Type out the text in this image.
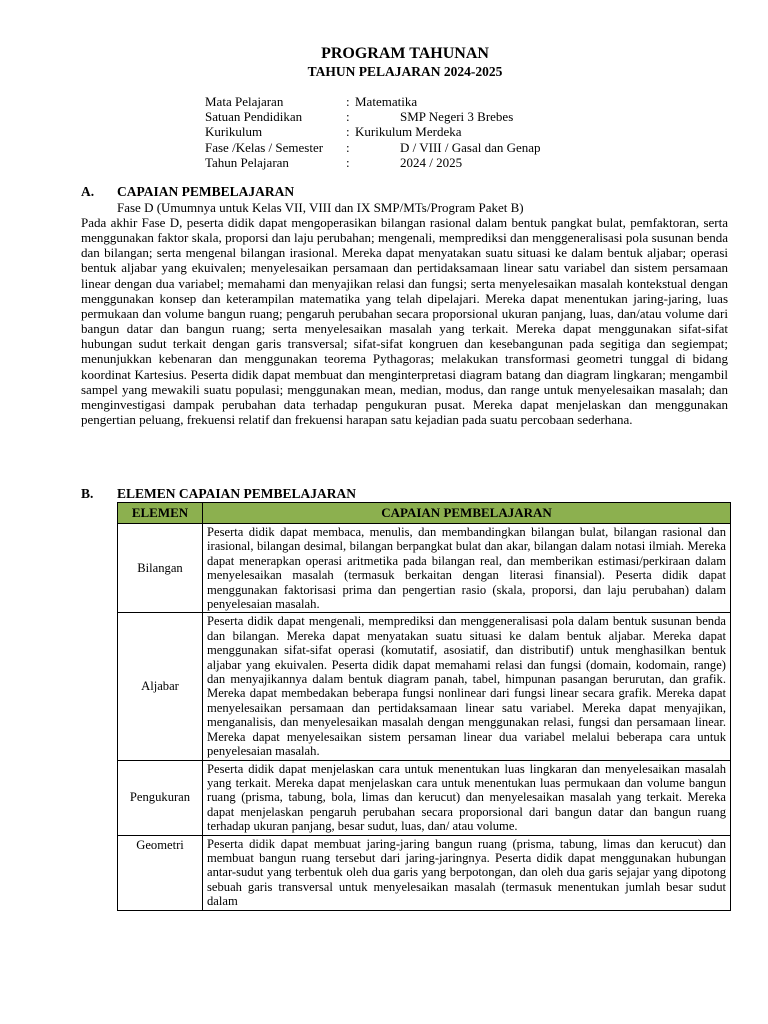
PROGRAM TAHUNAN
TAHUN PELAJARAN 2024-2025
Mata Pelajaran	: Matematika
Satuan Pendidikan	:	SMP Negeri 3 Brebes
Kurikulum	: Kurikulum Merdeka
Fase /Kelas / Semester :	D / VIII / Gasal dan Genap
Tahun Pelajaran	:	2024 / 2025
A. CAPAIAN PEMBELAJARAN
Fase D (Umumnya untuk Kelas VII, VIII dan IX SMP/MTs/Program Paket B)

Pada akhir Fase D, peserta didik dapat mengoperasikan bilangan rasional dalam bentuk pangkat bulat, pemfaktoran, serta menggunakan faktor skala, proporsi dan laju perubahan; mengenali, memprediksi dan menggeneralisasi pola susunan benda dan bilangan; serta mengenal bilangan irasional. Mereka dapat menyatakan suatu situasi ke dalam bentuk aljabar; operasi bentuk aljabar yang ekuivalen; menyelesaikan persamaan dan pertidaksamaan linear satu variabel dan sistem persamaan linear dengan dua variabel; memahami dan menyajikan relasi dan fungsi; serta menyelesaikan masalah kontekstual dengan menggunakan konsep dan keterampilan matematika yang telah dipelajari. Mereka dapat menentukan jaring-jaring, luas permukaan dan volume bangun ruang; pengaruh perubahan secara proporsional ukuran panjang, luas, dan/atau volume dari bangun datar dan bangun ruang; serta menyelesaikan masalah yang terkait. Mereka dapat menggunakan sifat-sifat hubungan sudut terkait dengan garis transversal; sifat-sifat kongruen dan kesebangunan pada segitiga dan segiempat; menunjukkan kebenaran dan menggunakan teorema Pythagoras; melakukan transformasi geometri tunggal di bidang koordinat Kartesius. Peserta didik dapat membuat dan menginterpretasi diagram batang dan diagram lingkaran; mengambil sampel yang mewakili suatu populasi; menggunakan mean, median, modus, dan range untuk menyelesaikan masalah; dan menginvestigasi dampak perubahan data terhadap pengukuran pusat. Mereka dapat menjelaskan dan menggunakan pengertian peluang, frekuensi relatif dan frekuensi harapan satu kejadian pada suatu percobaan sederhana.

B. ELEMEN CAPAIAN PEMBELAJARAN
ELEMEN	CAPAIAN PEMBELAJARAN
Bilangan	Peserta didik dapat membaca, menulis, dan membandingkan bilangan bulat, bilangan rasional dan irasional, bilangan desimal, bilangan berpangkat bulat dan akar, bilangan dalam notasi ilmiah. Mereka dapat menerapkan operasi aritmetika pada bilangan real, dan memberikan estimasi/perkiraan dalam menyelesaikan masalah (termasuk berkaitan dengan literasi finansial). Peserta didik dapat menggunakan faktorisasi prima dan pengertian rasio (skala, proporsi, dan laju perubahan) dalam penyelesaian masalah.
Aljabar	Peserta didik dapat mengenali, memprediksi dan menggeneralisasi pola dalam bentuk susunan benda dan bilangan. Mereka dapat menyatakan suatu situasi ke dalam bentuk aljabar. Mereka dapat menggunakan sifat-sifat operasi (komutatif, asosiatif, dan distributif) untuk menghasilkan bentuk aljabar yang ekuivalen. Peserta didik dapat memahami relasi dan fungsi (domain, kodomain, range) dan menyajikannya dalam bentuk diagram panah, tabel, himpunan pasangan berurutan, dan grafik. Mereka dapat membedakan beberapa fungsi nonlinear dari fungsi linear secara grafik. Mereka dapat menyelesaikan persamaan dan pertidaksamaan linear satu variabel. Mereka dapat menyajikan, menganalisis, dan menyelesaikan masalah dengan menggunakan relasi, fungsi dan persamaan linear. Mereka dapat menyelesaikan sistem persaman linear dua variabel melalui beberapa cara untuk penyelesaian masalah.
Pengukuran	Peserta didik dapat menjelaskan cara untuk menentukan luas lingkaran dan menyelesaikan masalah yang terkait. Mereka dapat menjelaskan cara untuk menentukan luas permukaan dan volume bangun ruang (prisma, tabung, bola, limas dan kerucut) dan menyelesaikan masalah yang terkait. Mereka dapat menjelaskan pengaruh perubahan secara proporsional dari bangun datar dan bangun ruang terhadap ukuran panjang, besar sudut, luas, dan/ atau volume.
Geometri	Peserta didik dapat membuat jaring-jaring bangun ruang (prisma, tabung, limas dan kerucut) dan membuat bangun ruang tersebut dari jaring-jaringnya. Peserta didik dapat menggunakan hubungan antar-sudut yang terbentuk oleh dua garis yang berpotongan, dan oleh dua garis sejajar yang dipotong sebuah garis transversal untuk menyelesaikan masalah (termasuk menentukan jumlah besar sudut dalam
